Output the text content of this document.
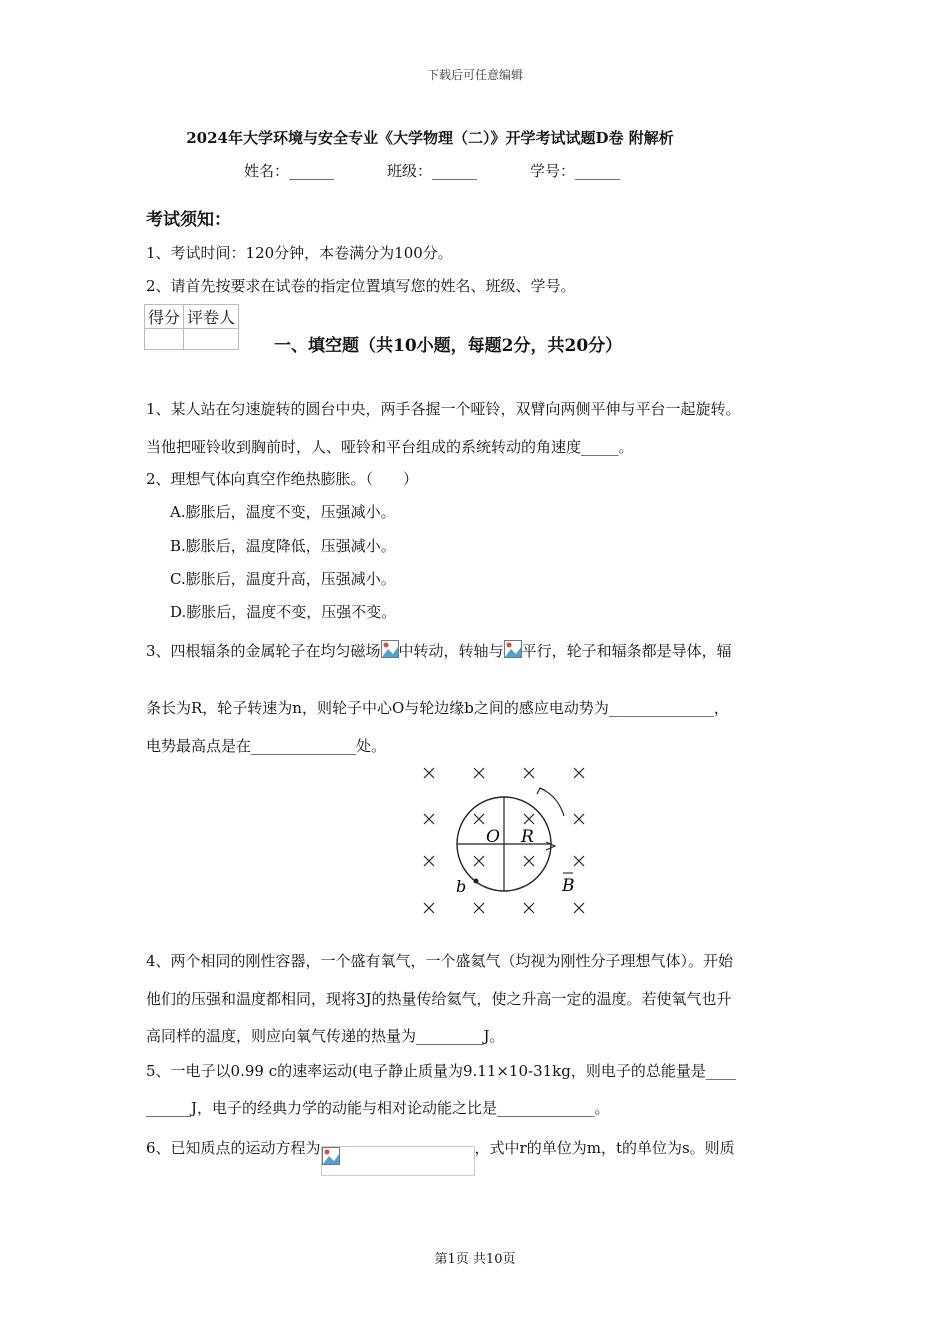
下载后可任意编辑
2024年大学环境与安全专业《大学物理（二）》开学考试试题D卷 附解析
姓名：______	班级：______	学号：______
考试须知：
1、考试时间：120分钟，本卷满分为100分。
2、请首先按要求在试卷的指定位置填写您的姓名、班级、学号。
得分	评卷人

一、填空题（共10小题，每题2分，共20分）
1、某人站在匀速旋转的圆台中央，两手各握一个哑铃，双臂向两侧平伸与平台一起旋转。
当他把哑铃收到胸前时，人、哑铃和平台组成的系统转动的角速度_____。
2、理想气体向真空作绝热膨胀。（　　）
A.膨胀后，温度不变，压强减小。
B.膨胀后，温度降低，压强减小。
C.膨胀后，温度升高，压强减小。
D.膨胀后，温度不变，压强不变。
3、四根辐条的金属轮子在均匀磁场 中转动，转轴与 平行，轮子和辐条都是导体，辐
条长为R，轮子转速为n，则轮子中心O与轮边缘b之间的感应电动势为______________，
电势最高点是在______________处。
O R
b	B
4、两个相同的刚性容器，一个盛有氧气，一个盛氦气（均视为刚性分子理想气体）。开始
他们的压强和温度都相同，现将3J的热量传给氦气，使之升高一定的温度。若使氧气也升
高同样的温度，则应向氧气传递的热量为_________J。
5、一电子以0.99 c的速率运动(电子静止质量为9.11×10-31kg，则电子的总能量是____
______J，电子的经典力学的动能与相对论动能之比是_____________。
6、已知质点的运动方程为	，式中r的单位为m，t的单位为s。则质
第1页 共10页
